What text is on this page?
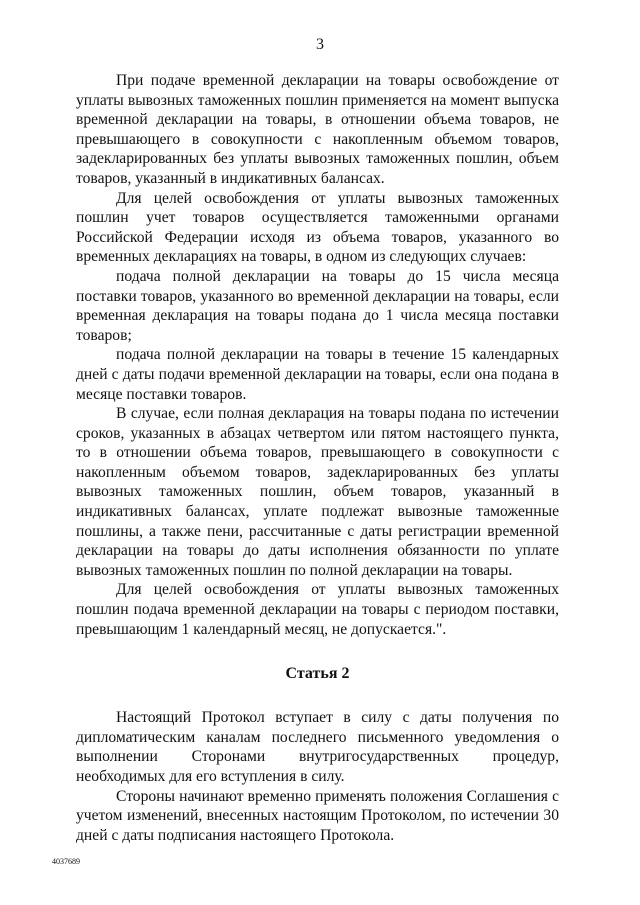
3

При подаче временной декларации на товары освобождение от уплаты вывозных таможенных пошлин применяется на момент выпуска временной декларации на товары, в отношении объема товаров, не превышающего в совокупности с накопленным объемом товаров, задекларированных без уплаты вывозных таможенных пошлин, объем товаров, указанный в индикативных балансах.

Для целей освобождения от уплаты вывозных таможенных пошлин учет товаров осуществляется таможенными органами Российской Федерации исходя из объема товаров, указанного во временных декларациях на товары, в одном из следующих случаев:

подача полной декларации на товары до 15 числа месяца поставки товаров, указанного во временной декларации на товары, если временная декларация на товары подана до 1 числа месяца поставки товаров;

подача полной декларации на товары в течение 15 календарных дней с даты подачи временной декларации на товары, если она подана в месяце поставки товаров.

В случае, если полная декларация на товары подана по истечении сроков, указанных в абзацах четвертом или пятом настоящего пункта, то в отношении объема товаров, превышающего в совокупности с накопленным объемом товаров, задекларированных без уплаты вывозных таможенных пошлин, объем товаров, указанный в индикативных балансах, уплате подлежат вывозные таможенные пошлины, а также пени, рассчитанные с даты регистрации временной декларации на товары до даты исполнения обязанности по уплате вывозных таможенных пошлин по полной декларации на товары.

Для целей освобождения от уплаты вывозных таможенных пошлин подача временной декларации на товары с периодом поставки, превышающим 1 календарный месяц, не допускается.".

Статья 2

Настоящий Протокол вступает в силу с даты получения по дипломатическим каналам последнего письменного уведомления о выполнении Сторонами внутригосударственных процедур, необходимых для его вступления в силу.

Стороны начинают временно применять положения Соглашения с учетом изменений, внесенных настоящим Протоколом, по истечении 30 дней с даты подписания настоящего Протокола.

4037689
